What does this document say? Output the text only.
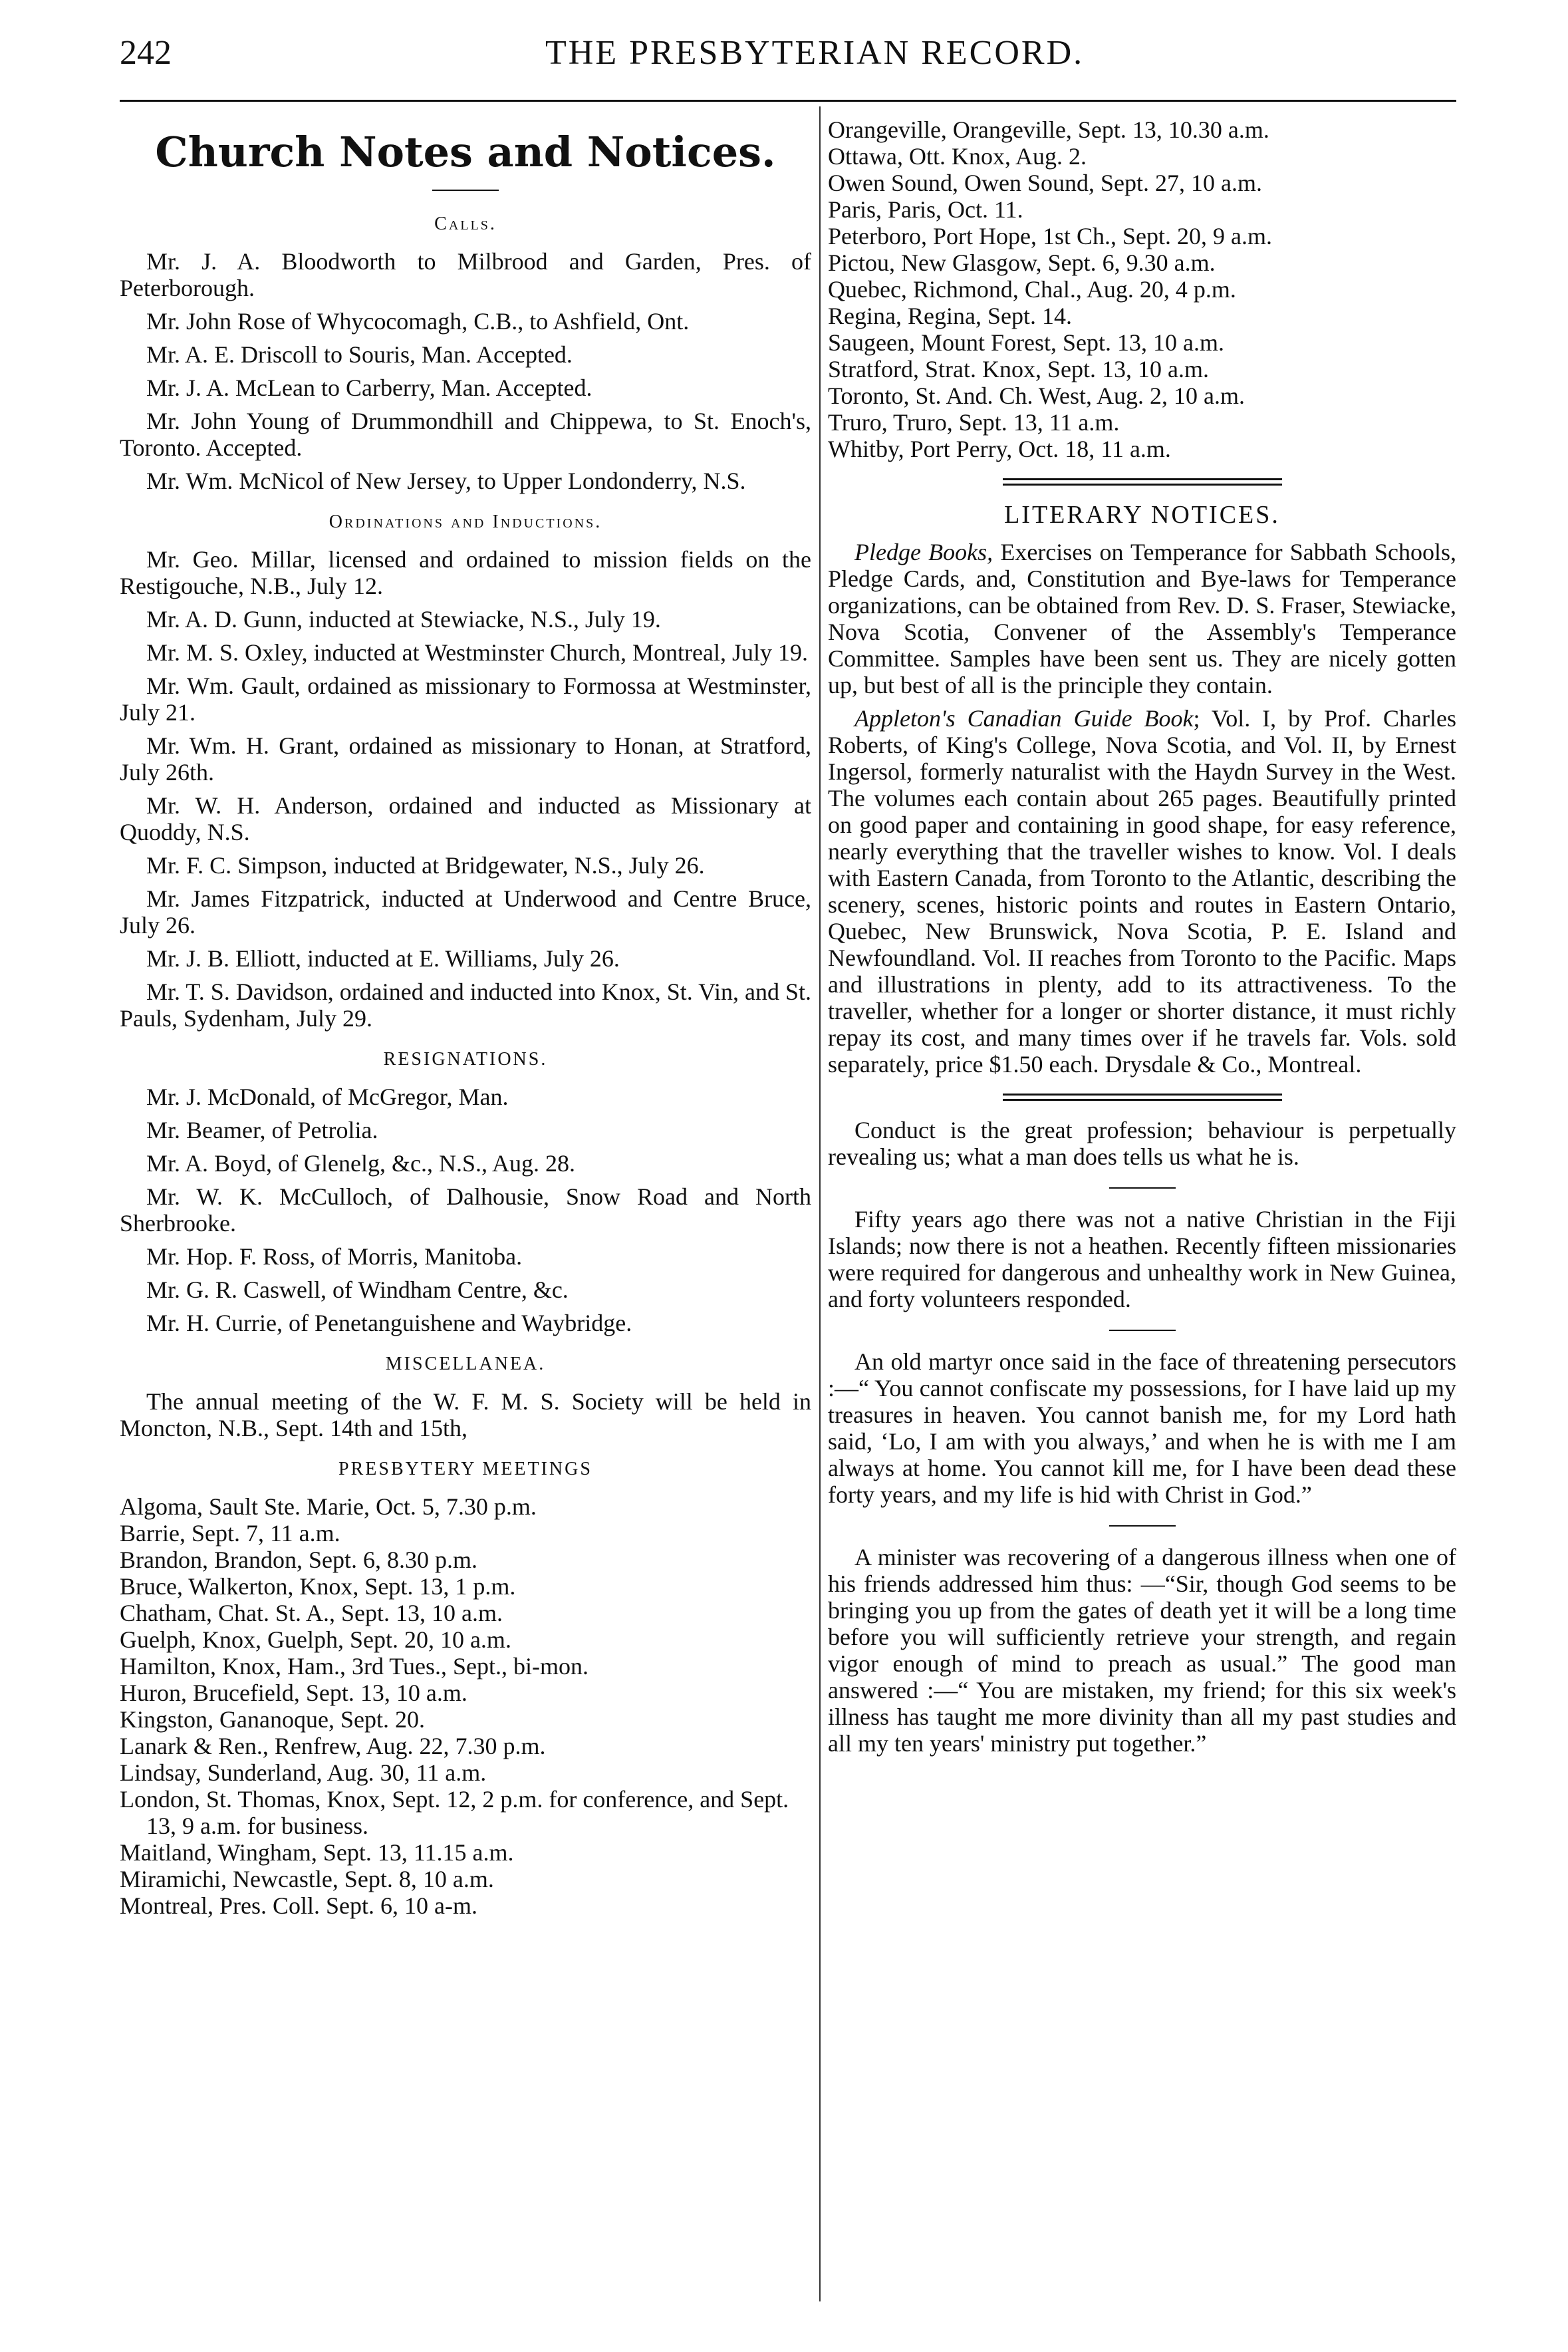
242	THE PRESBYTERIAN RECORD.
Church Notes and Notices.
Calls.

Mr. J. A. Bloodworth to Milbrood and Garden, Pres. of Peterborough.

Mr. John Rose of Whycocomagh, C.B., to Ashfield, Ont.

Mr. A. E. Driscoll to Souris, Man. Accepted.

Mr. J. A. McLean to Carberry, Man. Accepted.

Mr. John Young of Drummondhill and Chippewa, to St. Enoch's, Toronto. Accepted.

Mr. Wm. McNicol of New Jersey, to Upper Londonderry, N.S.

Ordinations and Inductions.

Mr. Geo. Millar, licensed and ordained to mission fields on the Restigouche, N.B., July 12.

Mr. A. D. Gunn, inducted at Stewiacke, N.S., July 19.

Mr. M. S. Oxley, inducted at Westminster Church, Montreal, July 19.

Mr. Wm. Gault, ordained as missionary to Formossa at Westminster, July 21.

Mr. Wm. H. Grant, ordained as missionary to Honan, at Stratford, July 26th.

Mr. W. H. Anderson, ordained and inducted as Missionary at Quoddy, N.S.

Mr. F. C. Simpson, inducted at Bridgewater, N.S., July 26.

Mr. James Fitzpatrick, inducted at Underwood and Centre Bruce, July 26.

Mr. J. B. Elliott, inducted at E. Williams, July 26.

Mr. T. S. Davidson, ordained and inducted into Knox, St. Vin, and St. Pauls, Sydenham, July 29.

RESIGNATIONS.

Mr. J. McDonald, of McGregor, Man.

Mr. Beamer, of Petrolia.

Mr. A. Boyd, of Glenelg, &c., N.S., Aug. 28.

Mr. W. K. McCulloch, of Dalhousie, Snow Road and North Sherbrooke.

Mr. Hop. F. Ross, of Morris, Manitoba.

Mr. G. R. Caswell, of Windham Centre, &c.

Mr. H. Currie, of Penetanguishene and Waybridge.

MISCELLANEA.

The annual meeting of the W. F. M. S. Society will be held in Moncton, N.B., Sept. 14th and 15th,

PRESBYTERY MEETINGS

Algoma, Sault Ste. Marie, Oct. 5, 7.30 p.m.

Barrie, Sept. 7, 11 a.m.

Brandon, Brandon, Sept. 6, 8.30 p.m.

Bruce, Walkerton, Knox, Sept. 13, 1 p.m.

Chatham, Chat. St. A., Sept. 13, 10 a.m.

Guelph, Knox, Guelph, Sept. 20, 10 a.m.

Hamilton, Knox, Ham., 3rd Tues., Sept., bi-mon.

Huron, Brucefield, Sept. 13, 10 a.m.

Kingston, Gananoque, Sept. 20.

Lanark & Ren., Renfrew, Aug. 22, 7.30 p.m.

Lindsay, Sunderland, Aug. 30, 11 a.m.

London, St. Thomas, Knox, Sept. 12, 2 p.m. for conference, and Sept. 13, 9 a.m. for business.

Maitland, Wingham, Sept. 13, 11.15 a.m.

Miramichi, Newcastle, Sept. 8, 10 a.m.

Montreal, Pres. Coll. Sept. 6, 10 a-m.

Orangeville, Orangeville, Sept. 13, 10.30 a.m.

Ottawa, Ott. Knox, Aug. 2.

Owen Sound, Owen Sound, Sept. 27, 10 a.m.

Paris, Paris, Oct. 11.

Peterboro, Port Hope, 1st Ch., Sept. 20, 9 a.m.

Pictou, New Glasgow, Sept. 6, 9.30 a.m.

Quebec, Richmond, Chal., Aug. 20, 4 p.m.

Regina, Regina, Sept. 14.

Saugeen, Mount Forest, Sept. 13, 10 a.m.

Stratford, Strat. Knox, Sept. 13, 10 a.m.

Toronto, St. And. Ch. West, Aug. 2, 10 a.m.

Truro, Truro, Sept. 13, 11 a.m.

Whitby, Port Perry, Oct. 18, 11 a.m.

LITERARY NOTICES.

Pledge Books, Exercises on Temperance for Sabbath Schools, Pledge Cards, and, Constitution and Bye-laws for Temperance organizations, can be obtained from Rev. D. S. Fraser, Stewiacke, Nova Scotia, Convener of the Assembly's Temperance Committee. Samples have been sent us. They are nicely gotten up, but best of all is the principle they contain.

Appleton's Canadian Guide Book; Vol. I, by Prof. Charles Roberts, of King's College, Nova Scotia, and Vol. II, by Ernest Ingersol, formerly naturalist with the Haydn Survey in the West. The volumes each contain about 265 pages. Beautifully printed on good paper and containing in good shape, for easy reference, nearly everything that the traveller wishes to know. Vol. I deals with Eastern Canada, from Toronto to the Atlantic, describing the scenery, scenes, historic points and routes in Eastern Ontario, Quebec, New Brunswick, Nova Scotia, P. E. Island and Newfoundland. Vol. II reaches from Toronto to the Pacific. Maps and illustrations in plenty, add to its attractiveness. To the traveller, whether for a longer or shorter distance, it must richly repay its cost, and many times over if he travels far. Vols. sold separately, price $1.50 each. Drysdale & Co., Montreal.

Conduct is the great profession; behaviour is perpetually revealing us; what a man does tells us what he is.

Fifty years ago there was not a native Christian in the Fiji Islands; now there is not a heathen. Recently fifteen missionaries were required for dangerous and unhealthy work in New Guinea, and forty volunteers responded.

An old martyr once said in the face of threatening persecutors :—“ You cannot confiscate my possessions, for I have laid up my treasures in heaven. You cannot banish me, for my Lord hath said, ‘Lo, I am with you always,’ and when he is with me I am always at home. You cannot kill me, for I have been dead these forty years, and my life is hid with Christ in God.”

A minister was recovering of a dangerous illness when one of his friends addressed him thus: —“Sir, though God seems to be bringing you up from the gates of death yet it will be a long time before you will sufficiently retrieve your strength, and regain vigor enough of mind to preach as usual.” The good man answered :—“ You are mistaken, my friend; for this six week's illness has taught me more divinity than all my past studies and all my ten years' ministry put together.”
